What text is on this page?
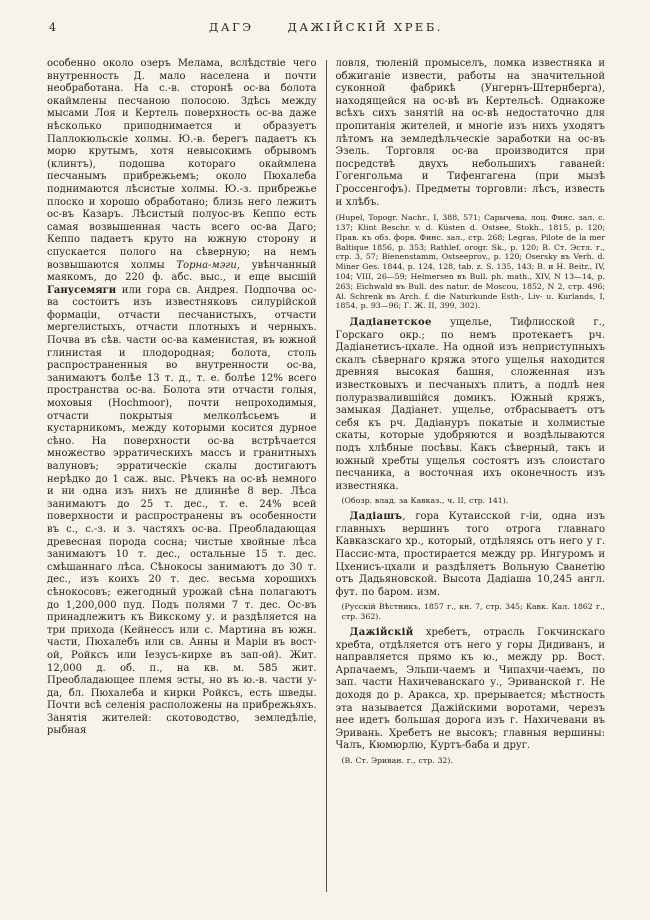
4	ДАГЭ	ДАЖІЙСКІЙ ХРЕБ.

особенно около озеръ Мелама, вслѣдствіе чего внутренность Д. мало населена и почти необработана. На с.-в. сторонѣ ос-ва болота окаймлены песчаною полосою. Здѣсь между мысами Лоя и Кертель поверхность ос-ва даже нѣсколько приподнимается и образуетъ Паллокюльскіе холмы. Ю.-в. берегъ падаетъ къ морю крутымъ, хотя невысокимъ обрывомъ (клинтъ), подошва котораго окаймлена песчанымъ прибрежьемъ; около Пюхалеба поднимаются лѣсистые холмы. Ю.-з. прибрежье плоско и хорошо обработано; близь него лежитъ ос-въ Казаръ. Лѣсистый полуос-въ Кеппо есть самая возвышенная часть всего ос-ва Даго; Кеппо падаетъ круто на южную сторону и спускается полого на сѣверную; на немъ возвышаются холмы Торна-мэги, увѣнчанный маякомъ, до 220 ф. абс. выс., и еще высшій Ганусемяги или гора св. Андрея. Подпочва ос-ва состоитъ изъ известняковъ силурійской формаціи, отчасти песчанистыхъ, отчасти мергелистыхъ, отчасти плотныхъ и черныхъ. Почва въ сѣв. части ос-ва каменистая, въ южной глинистая и плодородная; болота, столь распространенныя во внутренности ос-ва, занимаютъ болѣе 13 т. д., т. е. болѣе 12% всего пространства ос-ва. Болота эти отчасти голыя, моховыя (Hochmoor), почти непроходимыя, отчасти покрытыя мелколѣсьемъ и кустарникомъ, между которыми косится дурное сѣно. На поверхности ос-ва встрѣчается множество эрратическихъ массъ и гранитныхъ валуновъ; эрратическіе скалы достигаютъ нерѣдко до 1 саж. выс. Рѣчекъ на ос-вѣ немного и ни одна изъ нихъ не длиннѣе 8 вер. Лѣса занимаютъ до 25 т. дес., т. е. 24% всей поверхности и распространены въ особенности въ с., с.-з. и з. частяхъ ос-ва. Преобладающая древесная порода сосна; чистые хвойные лѣса занимаютъ 10 т. дес., остальные 15 т. дес. смѣшаннаго лѣса. Сѣнокосы занимаютъ до 30 т. дес., изъ коихъ 20 т. дес. весьма хорошихъ сѣнокосовъ; ежегодный урожай сѣна полагаютъ до 1,200,000 пуд. Подъ полями 7 т. дес. Ос-въ принадлежитъ къ Викскому у. и раздѣляется на три прихода (Кейнессъ или с. Мартина въ южн. части, Пюхалебъ или св. Анны и Маріи въ вост-ой, Ройксъ или Іезусъ-кирхе въ зап-ой). Жит. 12,000 д. об. п., на кв. м. 585 жит. Преобладающее племя эсты, но въ ю.-в. части у-да, бл. Пюхалеба и кирки Ройксъ, есть шведы. Почти всѣ селенія расположены на прибрежьяхъ. Занятія жителей: скотоводство, земледѣліе, рыбная

ловля, тюленій промыселъ, ломка известняка и обжиганіе извести, работы на значительной суконной фабрикѣ (Унгернъ-Штернберга), находящейся на ос-вѣ въ Кертельсѣ. Однакоже всѣхъ сихъ занятій на ос-вѣ недостаточно для пропитанія жителей, и многіе изъ нихъ уходятъ лѣтомъ на земледѣльческіе заработки на ос-въ Эзель. Торговля ос-ва производится при посредствѣ двухъ небольшихъ гаваней: Гогенгольма и Тифенгагена (при мызѣ Гроссенгофъ). Предметы торговли: лѣсъ, известь и хлѣбъ.

(Hupel, Topogr. Nachr., I, 388, 571; Сарычева, лоц. Финс. зал. с. 137; Klint Beschr. v. d. Küsten d. Ostsee, Stokh., 1815, p. 120; Прав. къ обз. форв. Финс. зал., стр. 268; Legras, Pilote de la mer Baltique 1856, p. 353; Rathlef, orogr. Sk., p. 120; В. Ст. Эстл. г., стр. 3, 57; Bienenstamm, Ostseeprov., p. 120; Osersky въ Verh. d. Miner Ges. 1844, p. 124, 128, tab. z. S. 135, 143; В. и H. Beitr., IV, 104; VIII, 26—59; Helmersen въ Bull. ph. math., XIV, N 13—14, p. 263; Eichwald въ Bull. des natur. de Moscou, 1852, N 2, стр. 496; Al. Schrenk въ Arch. f. die Naturkunde Esth-, Liv- u. Kurlands, I, 1854, p. 93—96; Г. Ж. II, 399, 302).

Дадіанетское ущелье, Тифлисской г., Горскаго окр.; по немъ протекаетъ рч. Дадіанетисъ-цхале. На одной изъ неприступныхъ скалъ сѣвернаго кряжа этого ущелья находится древняя высокая башня, сложенная изъ известковыхъ и песчаныхъ плитъ, а подлѣ нея полуразвалившійся домикъ. Южный кряжъ, замыкая Дадіанет. ущелье, отбрасываетъ отъ себя къ рч. Дадіануръ покатые и холмистые скаты, которые удобряются и воздѣлываются подъ хлѣбные посѣвы. Какъ сѣверный, такъ и южный хребты ущелья состоятъ изъ слоистаго песчаника, а восточная ихъ оконечность изъ известняка.

(Обозр. влад. за Кавказ., ч. II, стр. 141).

Дадіашъ, гора Кутаисской г-іи, одна изъ главныхъ вершинъ того отрога главнаго Кавказскаго хр., который, отдѣляясь отъ него у г. Пассис-мта, простирается между рр. Ингуромъ и Цхенисъ-цхали и раздѣляетъ Вольную Сванетію отъ Дадьяновской. Высота Дадіаша 10,245 англ. фут. по баром. изм.

(Русскій Вѣстникъ, 1857 г., кн. 7, стр. 345; Кавк. Кал. 1862 г., стр. 362).

Дажійскій хребетъ, отрасль Гокчинскаго хребта, отдѣляется отъ него у горы Дидиванъ, и направляется прямо къ ю., между рр. Вост. Арпачаемъ, Эльпи-чаемъ и Чипахчи-чаемъ, по зап. части Нахичеванскаго у., Эриванской г. Не доходя до р. Аракса, хр. прерывается; мѣстность эта называется Дажійскими воротами, черезъ нее идетъ большая дорога изъ г. Нахичевани въ Эривань. Хребетъ не высокъ; главныя вершины: Чалъ, Кюмюрлю, Куртъ-баба и друг.

(В. Ст. Эриван. г., стр. 32).
